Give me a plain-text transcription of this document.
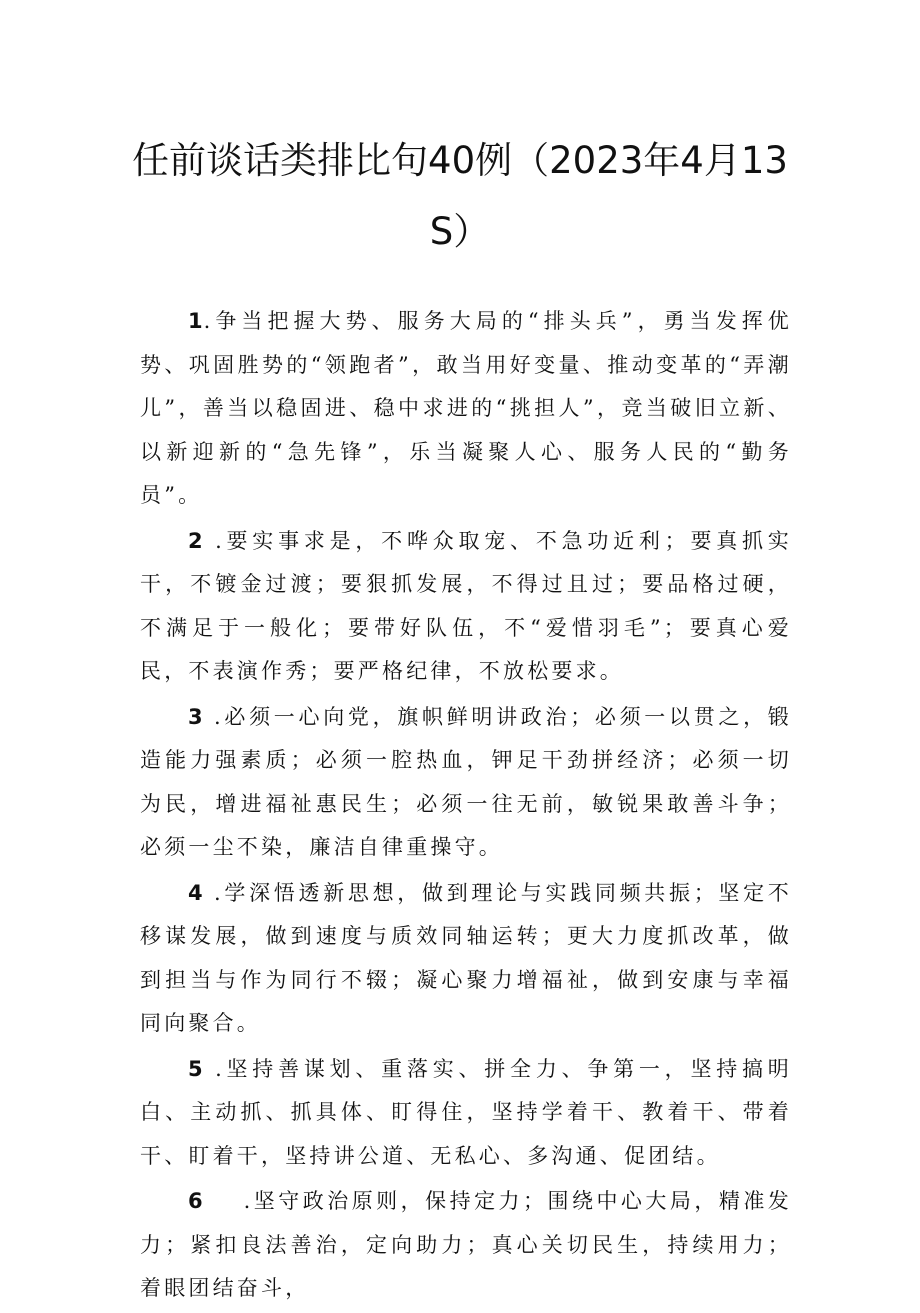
任前谈话类排比句40例（2023年4月13
S）

1.争当把握大势、服务大局的“排头兵”，勇当发挥优势、巩固胜势的“领跑者”，敢当用好变量、推动变革的“弄潮儿”，善当以稳固进、稳中求进的“挑担人”，竞当破旧立新、以新迎新的“急先锋”，乐当凝聚人心、服务人民的“勤务员”。

2 .要实事求是，不哗众取宠、不急功近利；要真抓实干，不镀金过渡；要狠抓发展，不得过且过；要品格过硬，不满足于一般化；要带好队伍，不“爱惜羽毛”；要真心爱民，不表演作秀；要严格纪律，不放松要求。

3 .必须一心向党，旗帜鲜明讲政治；必须一以贯之，锻造能力强素质；必须一腔热血，钾足干劲拼经济；必须一切为民，增进福祉惠民生；必须一往无前，敏锐果敢善斗争；必须一尘不染，廉洁自律重操守。

4 .学深悟透新思想，做到理论与实践同频共振；坚定不移谋发展，做到速度与质效同轴运转；更大力度抓改革，做到担当与作为同行不辍；凝心聚力增福祉，做到安康与幸福同向聚合。

5 .坚持善谋划、重落实、拼全力、争第一，坚持搞明白、主动抓、抓具体、盯得住，坚持学着干、教着干、带着干、盯着干，坚持讲公道、无私心、多沟通、促团结。

6 .坚守政治原则，保持定力；围绕中心大局，精准发力；紧扣良法善治，定向助力；真心关切民生，持续用力；着眼团结奋斗，
